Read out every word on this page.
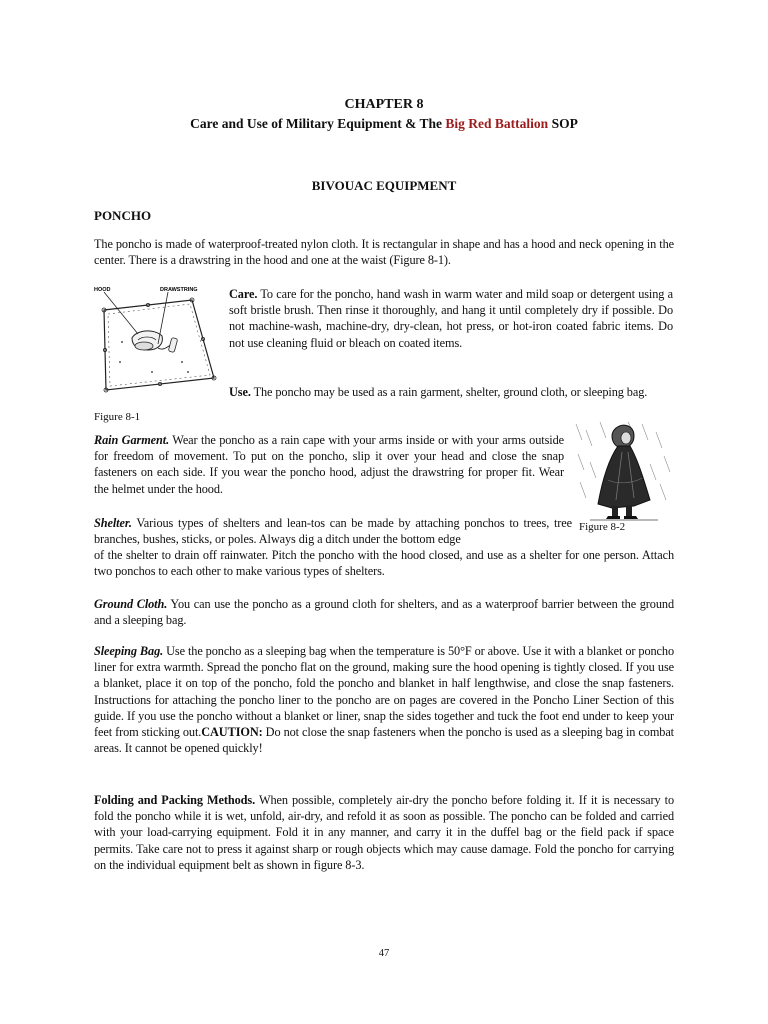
CHAPTER 8
Care and Use of Military Equipment & The Big Red Battalion SOP
BIVOUAC EQUIPMENT
PONCHO

The poncho is made of waterproof-treated nylon cloth. It is rectangular in shape and has a hood and neck opening in the center. There is a drawstring in the hood and one at the waist (Figure 8-1).

HOOD	DRAWSTRING
Figure 8-1

Care. To care for the poncho, hand wash in warm water and mild soap or detergent using a soft bristle brush. Then rinse it thoroughly, and hang it until completely dry if possible. Do not machine-wash, machine-dry, dry-clean, hot press, or hot-iron coated fabric items. Do not use cleaning fluid or bleach on coated items.

Use. The poncho may be used as a rain garment, shelter, ground cloth, or sleeping bag.

Figure 8-2

Rain Garment. Wear the poncho as a rain cape with your arms inside or with your arms outside for freedom of movement. To put on the poncho, slip it over your head and close the snap fasteners on each side. If you wear the poncho hood, adjust the drawstring for proper fit. Wear the helmet under the hood.

Shelter. Various types of shelters and lean-tos can be made by attaching ponchos to trees, tree branches, bushes, sticks, or poles. Always dig a ditch under the bottom edge

of the shelter to drain off rainwater. Pitch the poncho with the hood closed, and use as a shelter for one person. Attach two ponchos to each other to make various types of shelters.

Ground Cloth. You can use the poncho as a ground cloth for shelters, and as a waterproof barrier between the ground and a sleeping bag.

Sleeping Bag. Use the poncho as a sleeping bag when the temperature is 50°F or above. Use it with a blanket or poncho liner for extra warmth. Spread the poncho flat on the ground, making sure the hood opening is tightly closed. If you use a blanket, place it on top of the poncho, fold the poncho and blanket in half lengthwise, and close the snap fasteners. Instructions for attaching the poncho liner to the poncho are on pages are covered in the Poncho Liner Section of this guide. If you use the poncho without a blanket or liner, snap the sides together and tuck the foot end under to keep your feet from sticking out.CAUTION: Do not close the snap fasteners when the poncho is used as a sleeping bag in combat areas. It cannot be opened quickly!

Folding and Packing Methods. When possible, completely air-dry the poncho before folding it. If it is necessary to fold the poncho while it is wet, unfold, air-dry, and refold it as soon as possible. The poncho can be folded and carried with your load-carrying equipment. Fold it in any manner, and carry it in the duffel bag or the field pack if space permits. Take care not to press it against sharp or rough objects which may cause damage. Fold the poncho for carrying on the individual equipment belt as shown in figure 8-3.

47
